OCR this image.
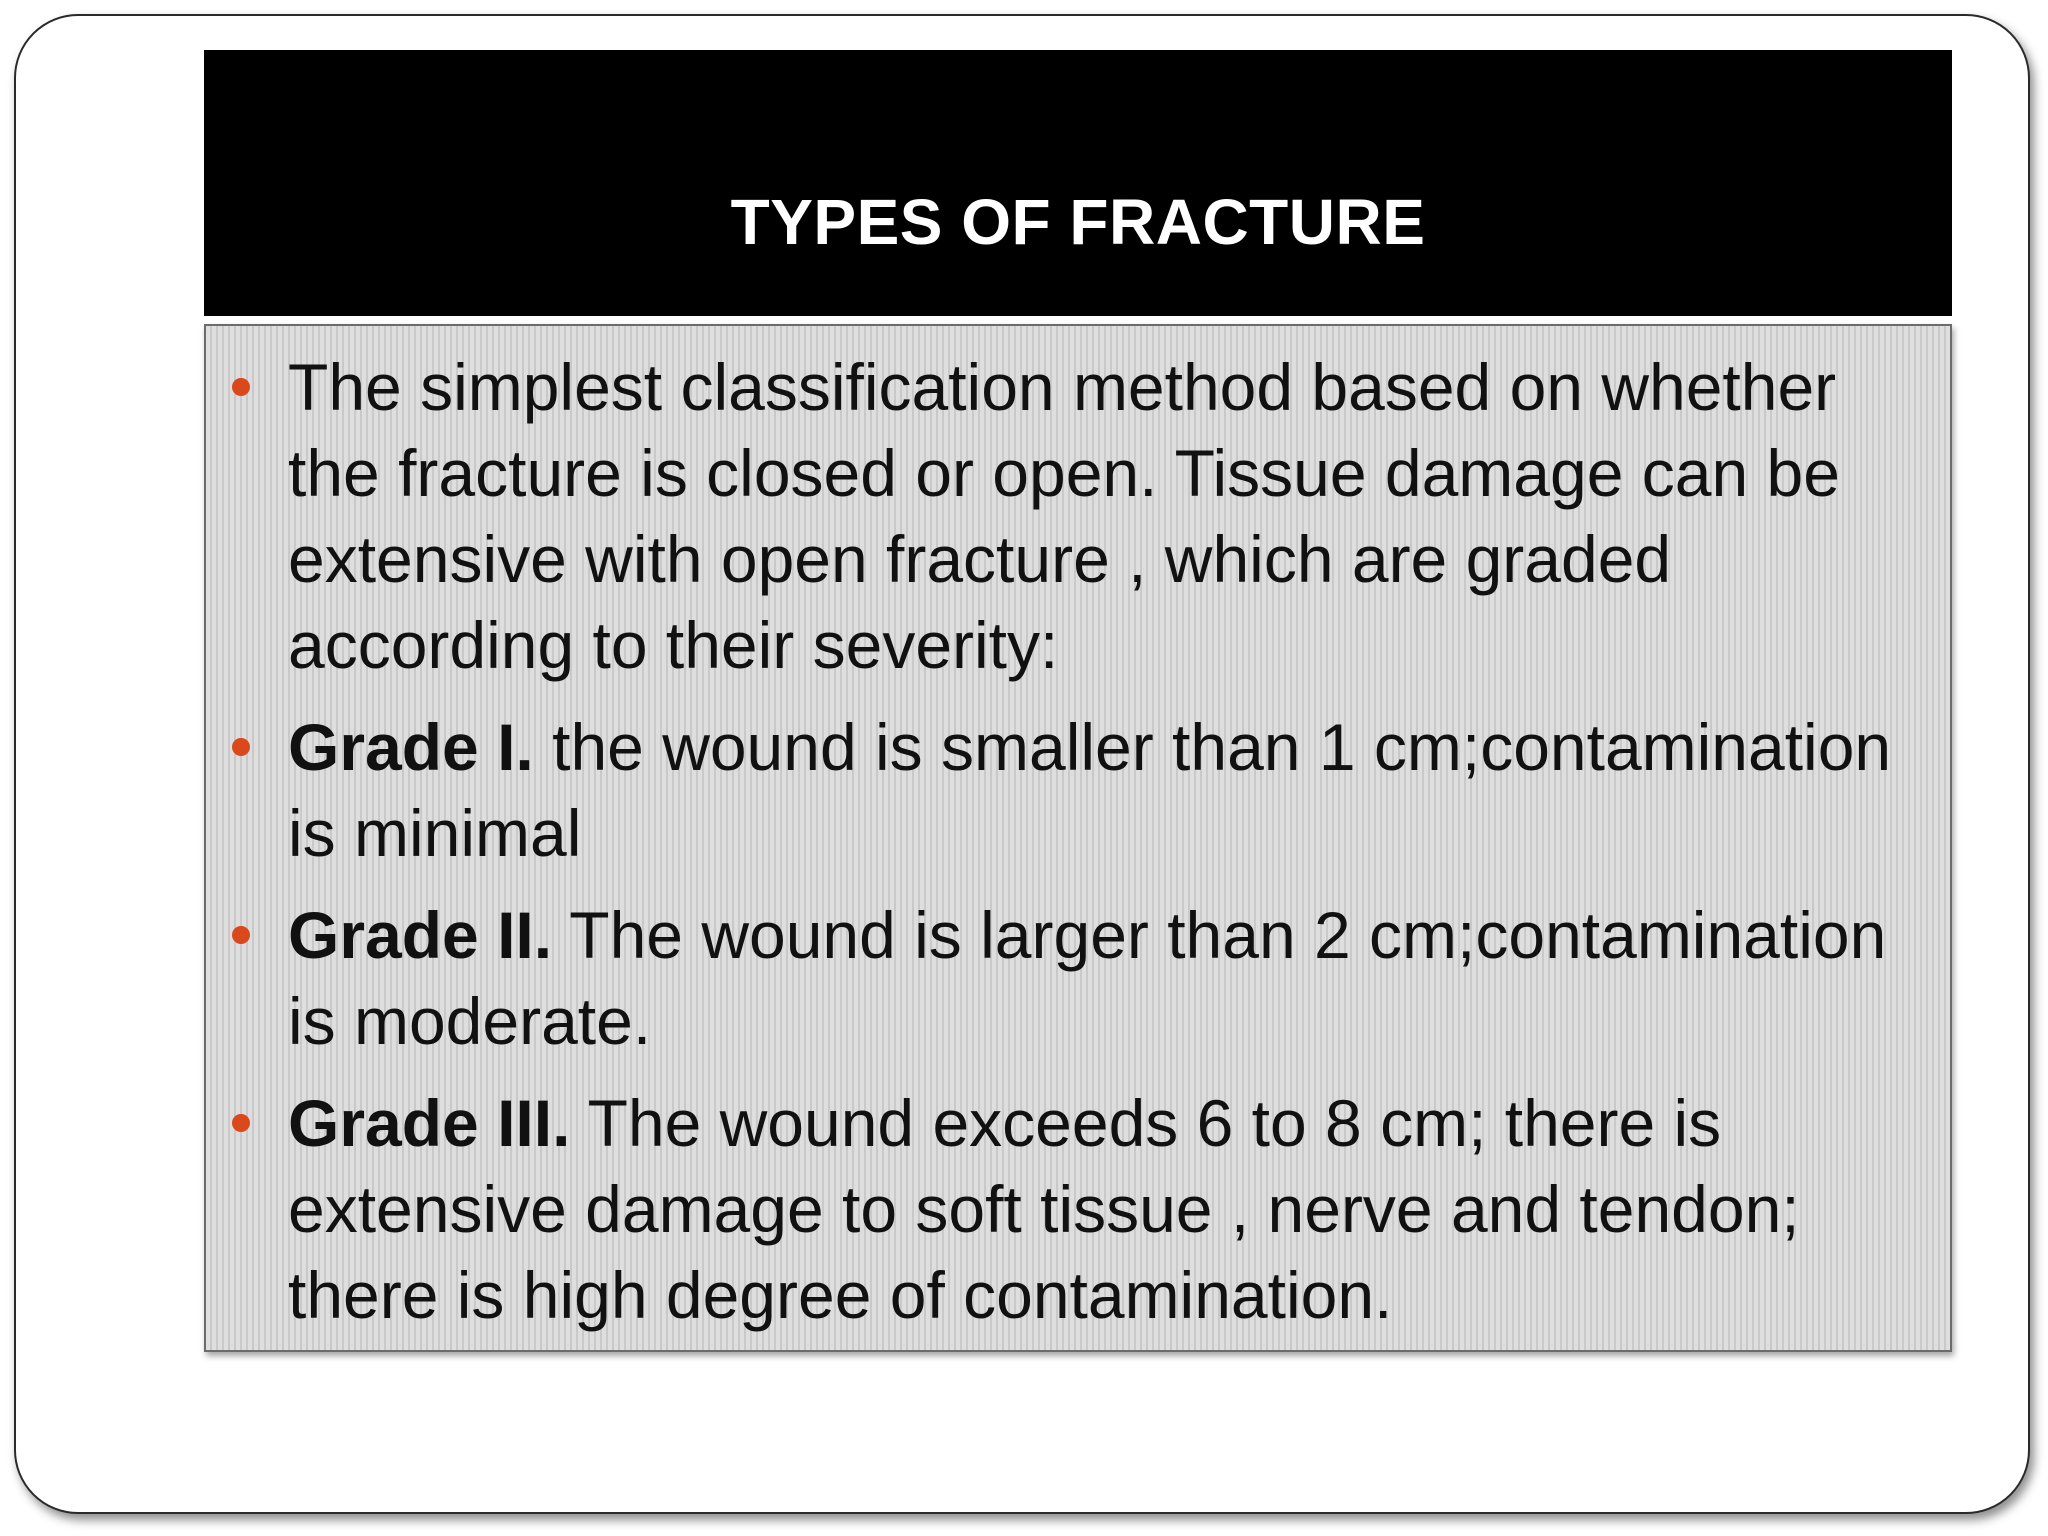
TYPES OF FRACTURE
The simplest classification method based on whether the fracture is closed or open. Tissue damage can be extensive with open fracture , which are graded according to their severity:
Grade I. the wound is smaller than 1 cm;contamination is minimal
Grade II. The wound is larger than 2 cm;contamination is moderate.
Grade III. The wound exceeds 6 to 8 cm; there is extensive damage to soft tissue , nerve and tendon; there is high degree of contamination.
